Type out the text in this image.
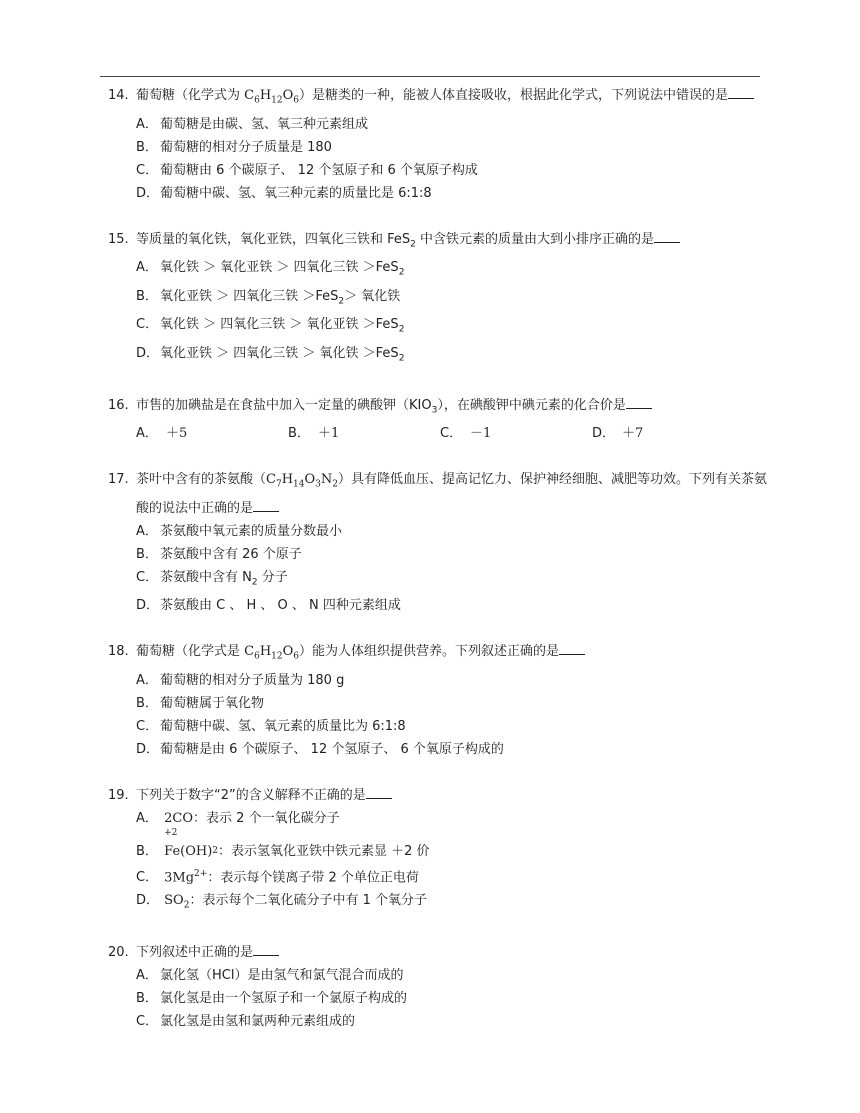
14. 葡萄糖（化学式为 $C_6H_{12}O_6$）是糖类的一种，能被人体直接吸收，根据此化学式，下列说法中错误的是
A． 葡萄糖是由碳、氢、氧三种元素组成
B． 葡萄糖的相对分子质量是 180
C． 葡萄糖由 6 个碳原子、 12 个氢原子和 6 个氧原子构成
D．葡萄糖中碳、氢、氧三种元素的质量比是 6:1:8
15. 等质量的氧化铁，氧化亚铁，四氧化三铁和 FeS$_2$ 中含铁元素的质量由大到小排序正确的是
A． 氧化铁 ＞ 氧化亚铁 ＞ 四氧化三铁 ＞FeS$_2$
B． 氧化亚铁 ＞ 四氧化三铁 ＞FeS$_2$＞ 氧化铁
C． 氧化铁 ＞ 四氧化三铁 ＞ 氧化亚铁 ＞FeS$_2$
D．氧化亚铁 ＞ 四氧化三铁 ＞ 氧化铁 ＞FeS$_2$
16. 市售的加碘盐是在食盐中加入一定量的碘酸钾$(KIO_3)$，在碘酸钾中碘元素的化合价是
A． ＋5	B． ＋1	C． －1	D． ＋7
17. 茶叶中含有的茶氨酸$(C_7H_{14}O_3N_2)$具有降低血压、提高记忆力、保护神经细胞、减肥等功效。下列有关茶氨酸的说法中正确的是
A． 茶氨酸中氧元素的质量分数最小
B． 茶氨酸中含有 26 个原子
C． 茶氨酸中含有 $N_2$ 分子
D．茶氨酸由 C 、 H 、 O 、 N 四种元素组成
18. 葡萄糖（化学式是 $C_6H_{12}O_6$）能为人体组织提供营养。下列叙述正确的是
A． 葡萄糖的相对分子质量为 180 g
B． 葡萄糖属于氧化物
C． 葡萄糖中碳、氢、氧元素的质量比为 6:1:8
D．葡萄糖是由 6 个碳原子、 12 个氢原子、 6 个氧原子构成的
19. 下列关于数字“2”的含义解释不正确的是
A． 2CO：表示 2 个一氧化碳分子
B．

+2
Fe(OH) 2 ：表示氢氧化亚铁中铁元素显 ＋2 价
C． $3Mg^{2+}$：表示每个镁离子带 2 个单位正电荷
D． $SO_2$：表示每个二氧化硫分子中有 1 个氧分子
20. 下列叙述中正确的是
A． 氯化氢（HCl）是由氢气和氯气混合而成的
B． 氯化氢是由一个氢原子和一个氯原子构成的
C． 氯化氢是由氢和氯两种元素组成的
